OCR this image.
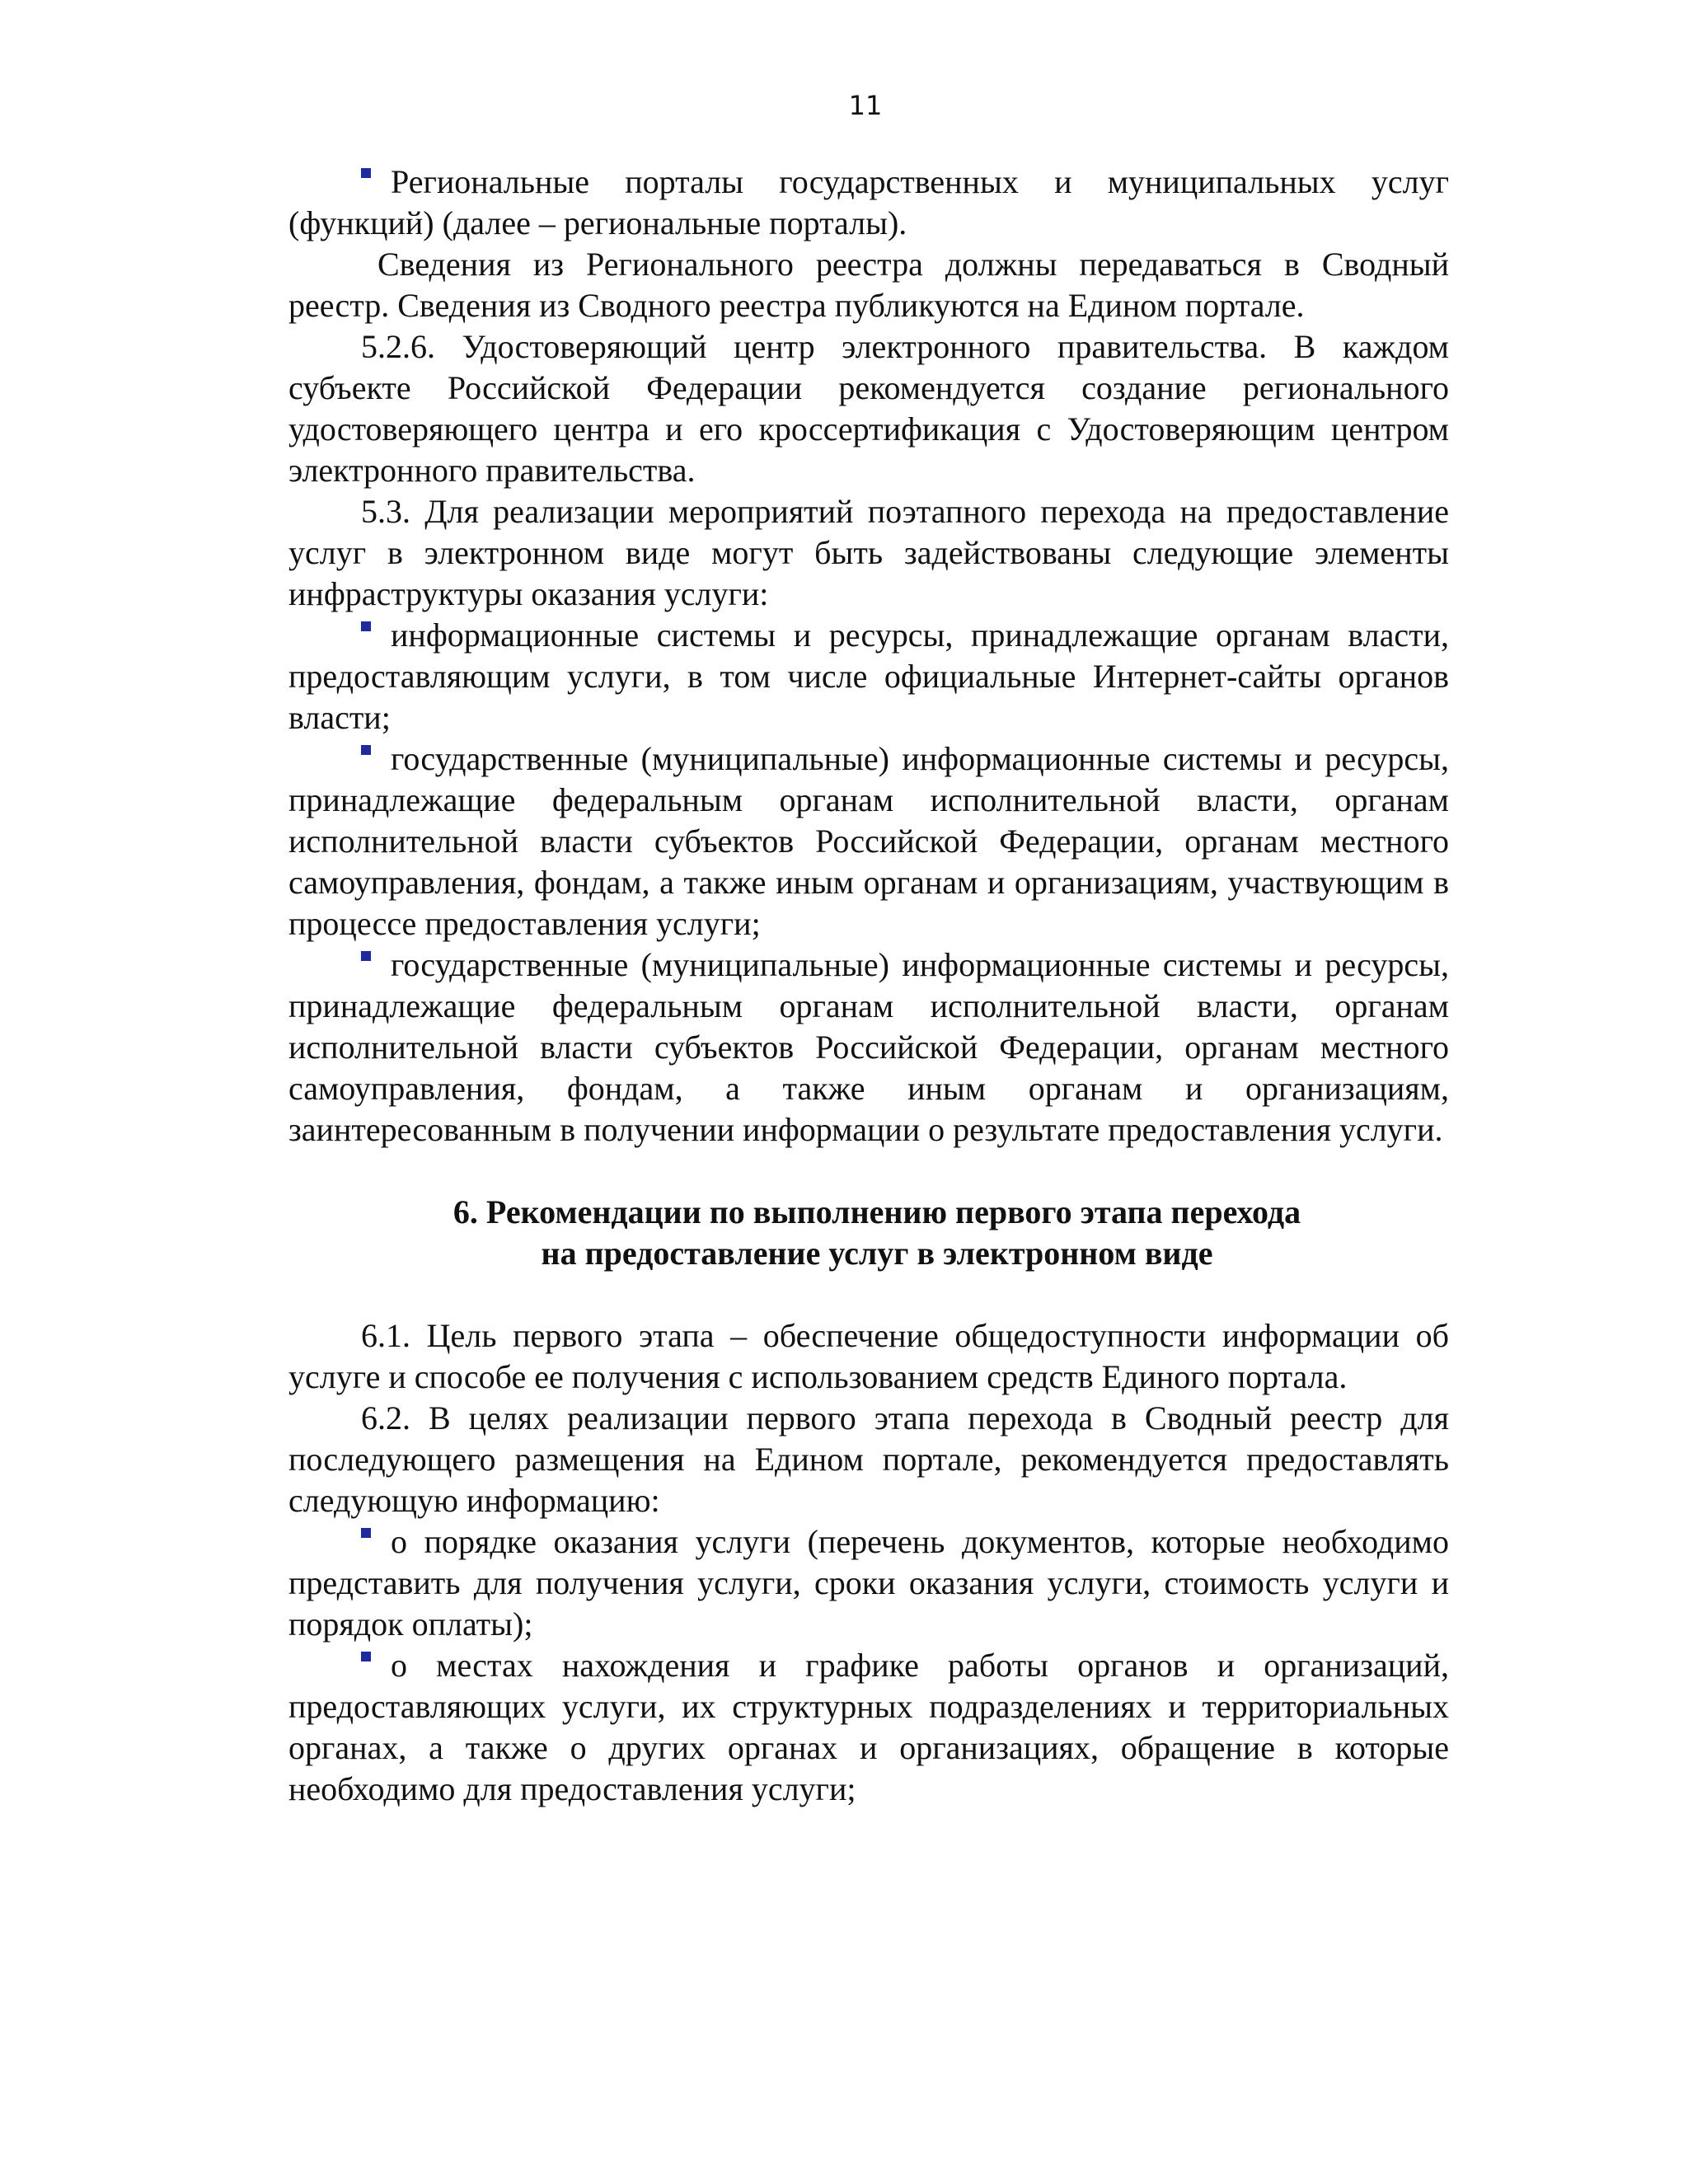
11

Региональные порталы государственных и муниципальных услуг (функций) (далее – региональные порталы).

Сведения из Регионального реестра должны передаваться в Сводный реестр. Сведения из Сводного реестра публикуются на Едином портале.

5.2.6. Удостоверяющий центр электронного правительства. В каждом субъекте Российской Федерации рекомендуется создание регионального удостоверяющего центра и его кроссертификация с Удостоверяющим центром электронного правительства.

5.3. Для реализации мероприятий поэтапного перехода на предоставление услуг в электронном виде могут быть задействованы следующие элементы инфраструктуры оказания услуги:

информационные системы и ресурсы, принадлежащие органам власти, предоставляющим услуги, в том числе официальные Интернет-сайты органов власти;

государственные (муниципальные) информационные системы и ресурсы, принадлежащие федеральным органам исполнительной власти, органам исполнительной власти субъектов Российской Федерации, органам местного самоуправления, фондам, а также иным органам и организациям, участвующим в процессе предоставления услуги;

государственные (муниципальные) информационные системы и ресурсы, принадлежащие федеральным органам исполнительной власти, органам исполнительной власти субъектов Российской Федерации, органам местного самоуправления, фондам, а также иным органам и организациям, заинтересованным в получении информации о результате предоставления услуги.

6. Рекомендации по выполнению первого этапа перехода

на предоставление услуг в электронном виде

6.1. Цель первого этапа – обеспечение общедоступности информации об услуге и способе ее получения с использованием средств Единого портала.

6.2. В целях реализации первого этапа перехода в Сводный реестр для последующего размещения на Едином портале, рекомендуется предоставлять следующую информацию:

о порядке оказания услуги (перечень документов, которые необходимо представить для получения услуги, сроки оказания услуги, стоимость услуги и порядок оплаты);

о местах нахождения и графике работы органов и организаций, предоставляющих услуги, их структурных подразделениях и территориальных органах, а также о других органах и организациях, обращение в которые необходимо для предоставления услуги;
